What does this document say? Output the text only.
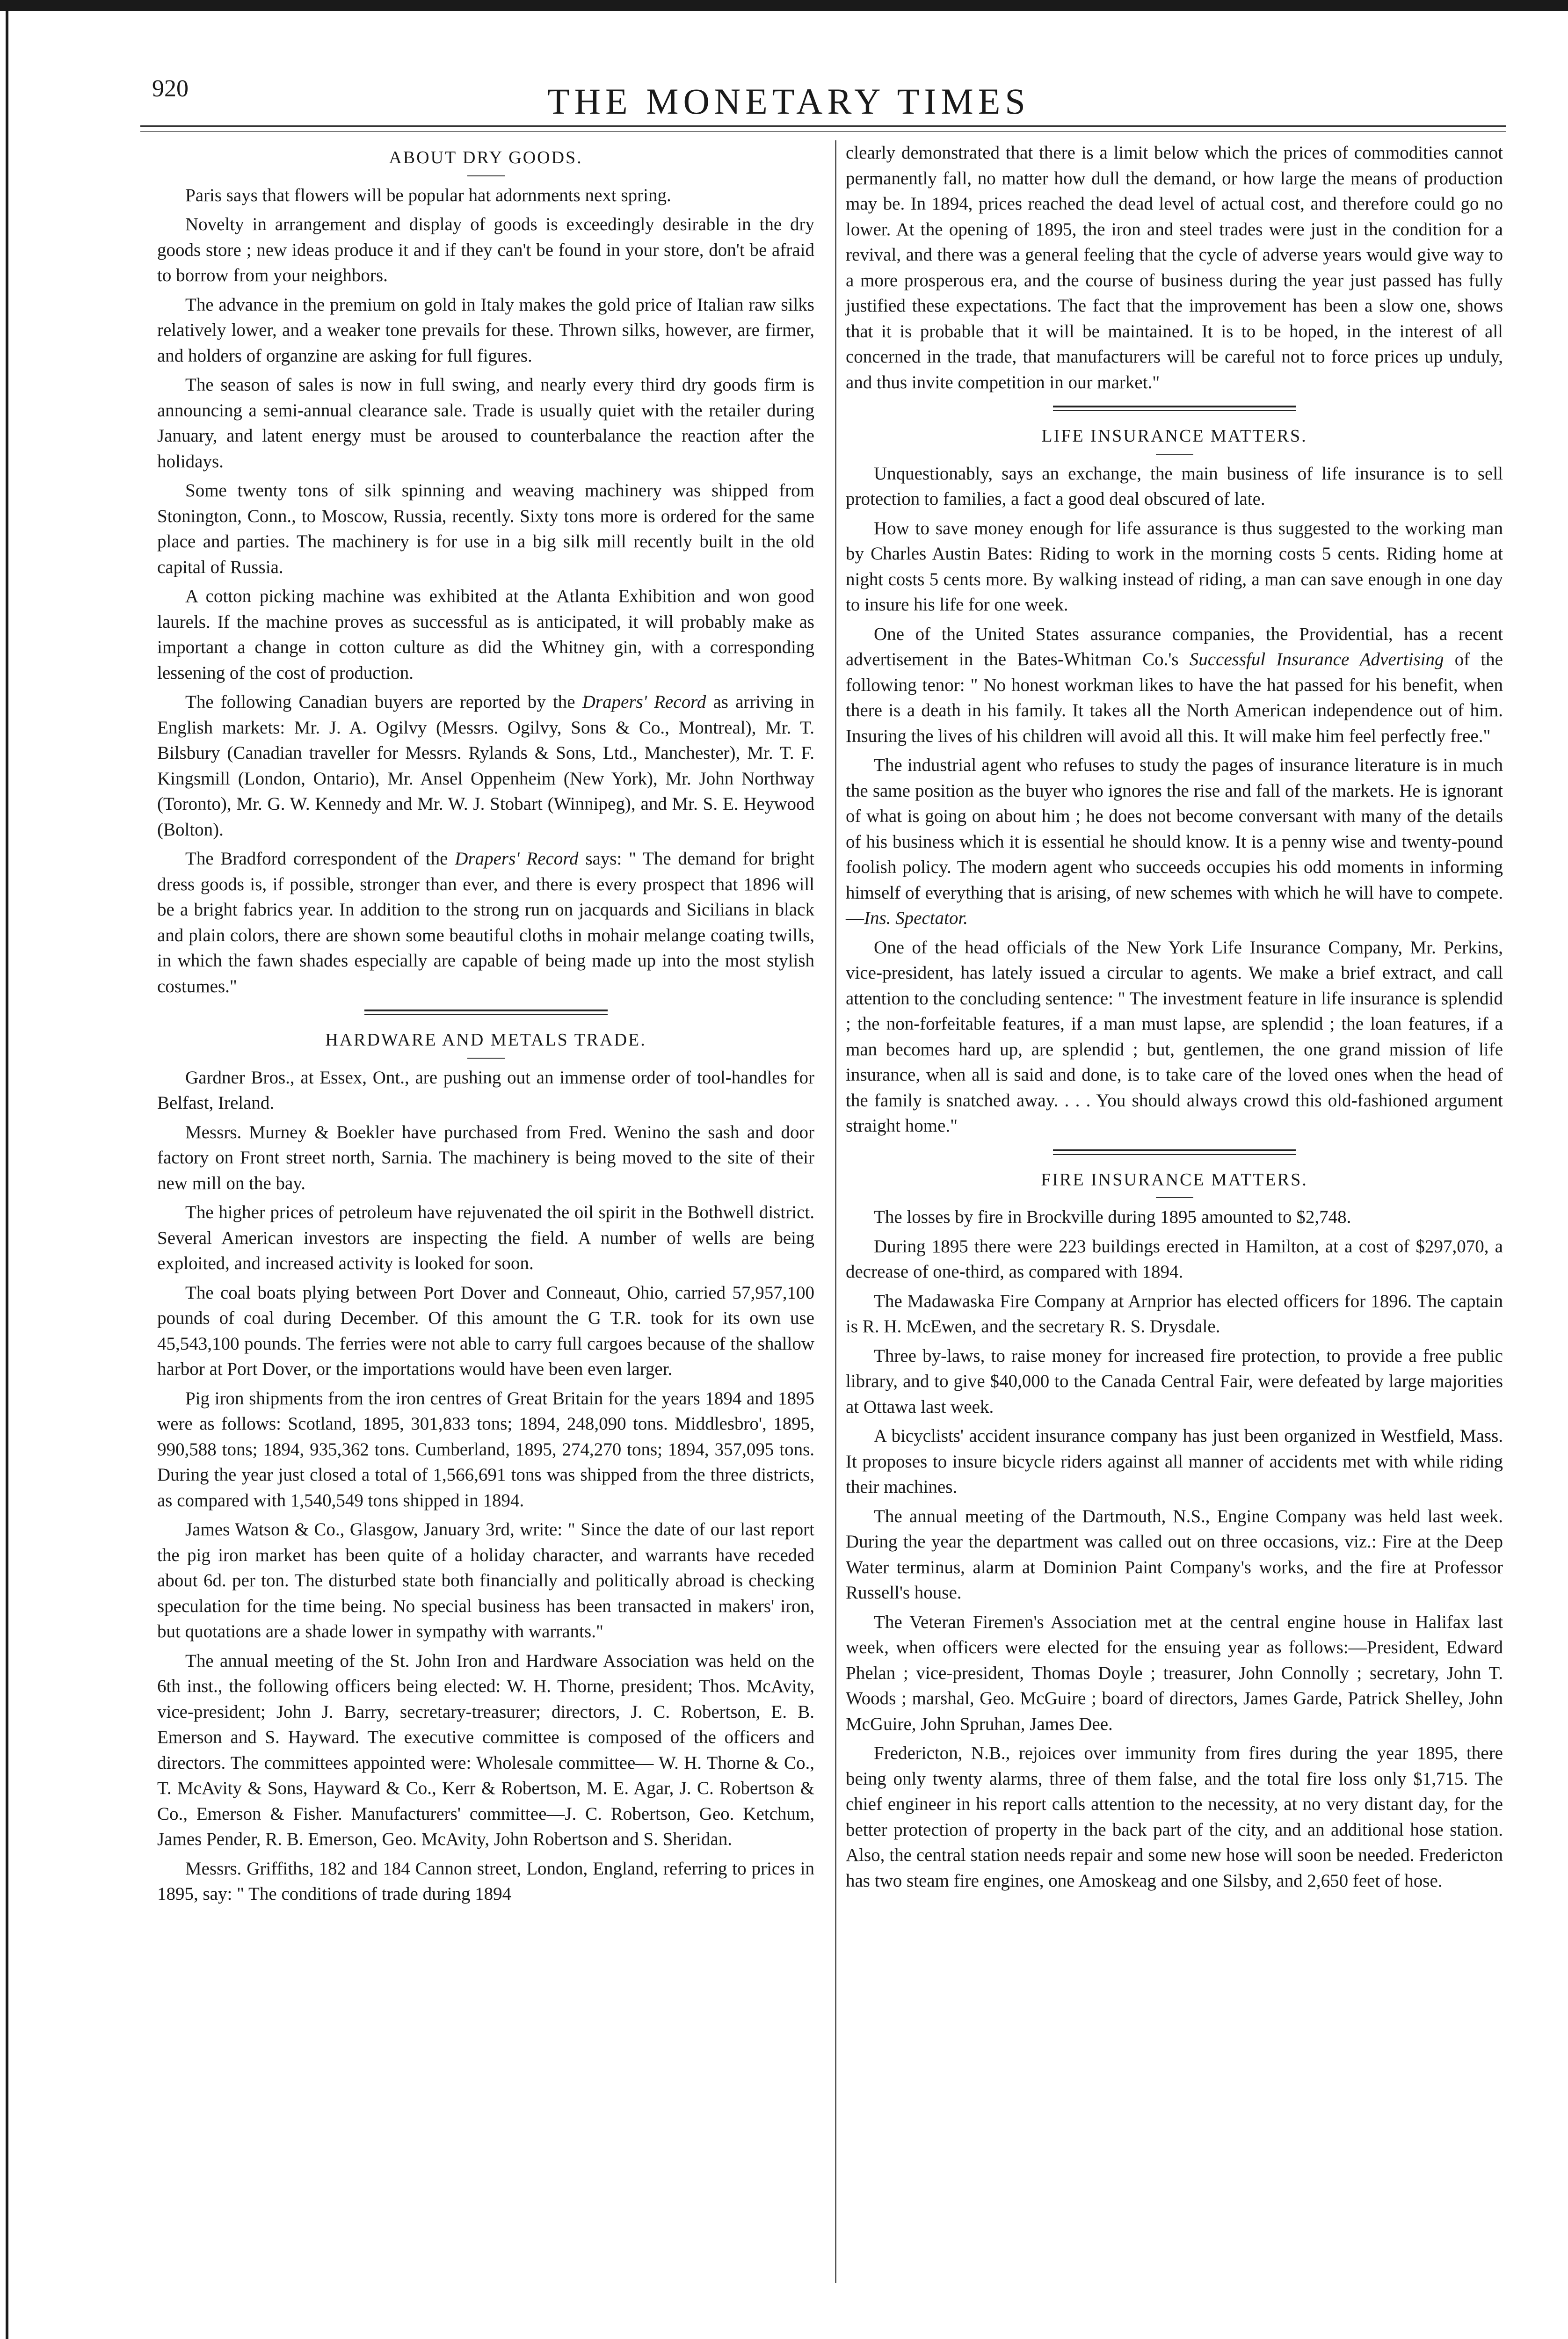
920	THE MONETARY TIMES
ABOUT DRY GOODS.

Paris says that flowers will be popular hat adornments next spring.

Novelty in arrangement and display of goods is exceedingly desirable in the dry goods store ; new ideas produce it and if they can't be found in your store, don't be afraid to borrow from your neighbors.

The advance in the premium on gold in Italy makes the gold price of Italian raw silks relatively lower, and a weaker tone prevails for these. Thrown silks, however, are firmer, and holders of organzine are asking for full figures.

The season of sales is now in full swing, and nearly every third dry goods firm is announcing a semi-annual clearance sale. Trade is usually quiet with the retailer during January, and latent energy must be aroused to counterbalance the reaction after the holidays.

Some twenty tons of silk spinning and weaving machinery was shipped from Stonington, Conn., to Moscow, Russia, recently. Sixty tons more is ordered for the same place and parties. The machinery is for use in a big silk mill recently built in the old capital of Russia.

A cotton picking machine was exhibited at the Atlanta Exhibition and won good laurels. If the machine proves as successful as is anticipated, it will probably make as important a change in cotton culture as did the Whitney gin, with a corresponding lessening of the cost of production.

The following Canadian buyers are reported by the Drapers' Record as arriving in English markets: Mr. J. A. Ogilvy (Messrs. Ogilvy, Sons & Co., Montreal), Mr. T. Bilsbury (Canadian traveller for Messrs. Rylands & Sons, Ltd., Manchester), Mr. T. F. Kingsmill (London, Ontario), Mr. Ansel Oppenheim (New York), Mr. John Northway (Toronto), Mr. G. W. Kennedy and Mr. W. J. Stobart (Winnipeg), and Mr. S. E. Heywood (Bolton).

The Bradford correspondent of the Drapers' Record says: " The demand for bright dress goods is, if possible, stronger than ever, and there is every prospect that 1896 will be a bright fabrics year. In addition to the strong run on jacquards and Sicilians in black and plain colors, there are shown some beautiful cloths in mohair melange coating twills, in which the fawn shades especially are capable of being made up into the most stylish costumes."

HARDWARE AND METALS TRADE.

Gardner Bros., at Essex, Ont., are pushing out an immense order of tool-handles for Belfast, Ireland.

Messrs. Murney & Boekler have purchased from Fred. Wenino the sash and door factory on Front street north, Sarnia. The machinery is being moved to the site of their new mill on the bay.

The higher prices of petroleum have rejuvenated the oil spirit in the Bothwell district. Several American investors are inspecting the field. A number of wells are being exploited, and increased activity is looked for soon.

The coal boats plying between Port Dover and Conneaut, Ohio, carried 57,957,100 pounds of coal during December. Of this amount the G T.R. took for its own use 45,543,100 pounds. The ferries were not able to carry full cargoes because of the shallow harbor at Port Dover, or the importations would have been even larger.

Pig iron shipments from the iron centres of Great Britain for the years 1894 and 1895 were as follows: Scotland, 1895, 301,833 tons; 1894, 248,090 tons. Middlesbro', 1895, 990,588 tons; 1894, 935,362 tons. Cumberland, 1895, 274,270 tons; 1894, 357,095 tons. During the year just closed a total of 1,566,691 tons was shipped from the three districts, as compared with 1,540,549 tons shipped in 1894.

James Watson & Co., Glasgow, January 3rd, write: " Since the date of our last report the pig iron market has been quite of a holiday character, and warrants have receded about 6d. per ton. The disturbed state both financially and politically abroad is checking speculation for the time being. No special business has been transacted in makers' iron, but quotations are a shade lower in sympathy with warrants."

The annual meeting of the St. John Iron and Hardware Association was held on the 6th inst., the following officers being elected: W. H. Thorne, president; Thos. McAvity, vice-president; John J. Barry, secretary-treasurer; directors, J. C. Robertson, E. B. Emerson and S. Hayward. The executive committee is composed of the officers and directors. The committees appointed were: Wholesale committee— W. H. Thorne & Co., T. McAvity & Sons, Hayward & Co., Kerr & Robertson, M. E. Agar, J. C. Robertson & Co., Emerson & Fisher. Manufacturers' committee—J. C. Robertson, Geo. Ketchum, James Pender, R. B. Emerson, Geo. McAvity, John Robertson and S. Sheridan.

Messrs. Griffiths, 182 and 184 Cannon street, London, England, referring to prices in 1895, say: " The conditions of trade during 1894

clearly demonstrated that there is a limit below which the prices of commodities cannot permanently fall, no matter how dull the demand, or how large the means of production may be. In 1894, prices reached the dead level of actual cost, and therefore could go no lower. At the opening of 1895, the iron and steel trades were just in the condition for a revival, and there was a general feeling that the cycle of adverse years would give way to a more prosperous era, and the course of business during the year just passed has fully justified these expectations. The fact that the improvement has been a slow one, shows that it is probable that it will be maintained. It is to be hoped, in the interest of all concerned in the trade, that manufacturers will be careful not to force prices up unduly, and thus invite competition in our market."

LIFE INSURANCE MATTERS.

Unquestionably, says an exchange, the main business of life insurance is to sell protection to families, a fact a good deal obscured of late.

How to save money enough for life assurance is thus suggested to the working man by Charles Austin Bates: Riding to work in the morning costs 5 cents. Riding home at night costs 5 cents more. By walking instead of riding, a man can save enough in one day to insure his life for one week.

One of the United States assurance companies, the Providential, has a recent advertisement in the Bates-Whitman Co.'s Successful Insurance Advertising of the following tenor: " No honest workman likes to have the hat passed for his benefit, when there is a death in his family. It takes all the North American independence out of him. Insuring the lives of his children will avoid all this. It will make him feel perfectly free."

The industrial agent who refuses to study the pages of insurance literature is in much the same position as the buyer who ignores the rise and fall of the markets. He is ignorant of what is going on about him ; he does not become conversant with many of the details of his business which it is essential he should know. It is a penny wise and twenty-pound foolish policy. The modern agent who succeeds occupies his odd moments in informing himself of everything that is arising, of new schemes with which he will have to compete.—Ins. Spectator.

One of the head officials of the New York Life Insurance Company, Mr. Perkins, vice-president, has lately issued a circular to agents. We make a brief extract, and call attention to the concluding sentence: " The investment feature in life insurance is splendid ; the non-forfeitable features, if a man must lapse, are splendid ; the loan features, if a man becomes hard up, are splendid ; but, gentlemen, the one grand mission of life insurance, when all is said and done, is to take care of the loved ones when the head of the family is snatched away. . . . You should always crowd this old-fashioned argument straight home."

FIRE INSURANCE MATTERS.

The losses by fire in Brockville during 1895 amounted to $2,748.

During 1895 there were 223 buildings erected in Hamilton, at a cost of $297,070, a decrease of one-third, as compared with 1894.

The Madawaska Fire Company at Arnprior has elected officers for 1896. The captain is R. H. McEwen, and the secretary R. S. Drysdale.

Three by-laws, to raise money for increased fire protection, to provide a free public library, and to give $40,000 to the Canada Central Fair, were defeated by large majorities at Ottawa last week.

A bicyclists' accident insurance company has just been organized in Westfield, Mass. It proposes to insure bicycle riders against all manner of accidents met with while riding their machines.

The annual meeting of the Dartmouth, N.S., Engine Company was held last week. During the year the department was called out on three occasions, viz.: Fire at the Deep Water terminus, alarm at Dominion Paint Company's works, and the fire at Professor Russell's house.

The Veteran Firemen's Association met at the central engine house in Halifax last week, when officers were elected for the ensuing year as follows:—President, Edward Phelan ; vice-president, Thomas Doyle ; treasurer, John Connolly ; secretary, John T. Woods ; marshal, Geo. McGuire ; board of directors, James Garde, Patrick Shelley, John McGuire, John Spruhan, James Dee.

Fredericton, N.B., rejoices over immunity from fires during the year 1895, there being only twenty alarms, three of them false, and the total fire loss only $1,715. The chief engineer in his report calls attention to the necessity, at no very distant day, for the better protection of property in the back part of the city, and an additional hose station. Also, the central station needs repair and some new hose will soon be needed. Fredericton has two steam fire engines, one Amoskeag and one Silsby, and 2,650 feet of hose.
